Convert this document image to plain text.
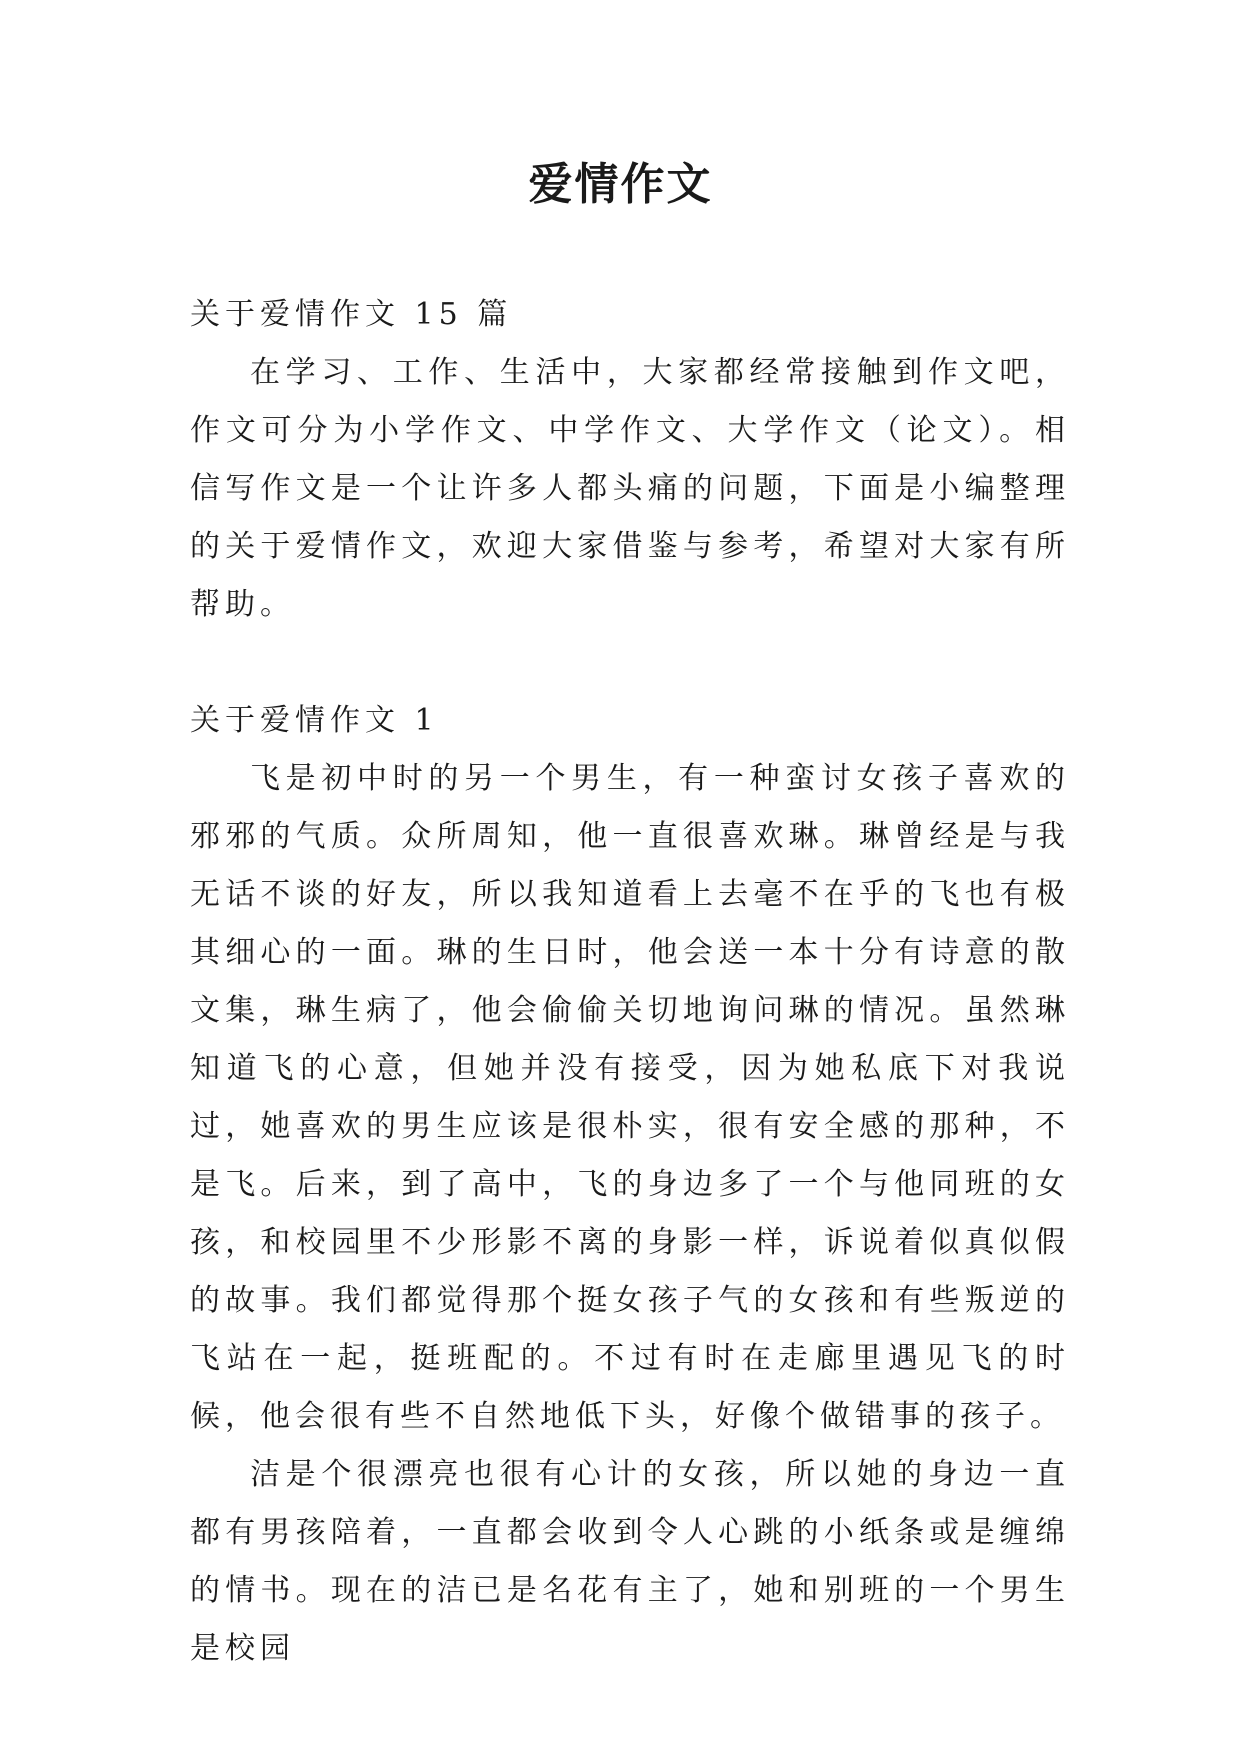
爱情作文

关于爱情作文 15 篇

在学习、工作、生活中，大家都经常接触到作文吧，作文可分为小学作文、中学作文、大学作文（论文）。相信写作文是一个让许多人都头痛的问题，下面是小编整理的关于爱情作文，欢迎大家借鉴与参考，希望对大家有所帮助。

关于爱情作文 1

飞是初中时的另一个男生，有一种蛮讨女孩子喜欢的邪邪的气质。众所周知，他一直很喜欢琳。琳曾经是与我无话不谈的好友，所以我知道看上去毫不在乎的飞也有极其细心的一面。琳的生日时，他会送一本十分有诗意的散文集，琳生病了，他会偷偷关切地询问琳的情况。虽然琳知道飞的心意，但她并没有接受，因为她私底下对我说过，她喜欢的男生应该是很朴实，很有安全感的那种，不是飞。后来，到了高中，飞的身边多了一个与他同班的女孩，和校园里不少形影不离的身影一样，诉说着似真似假的故事。我们都觉得那个挺女孩子气的女孩和有些叛逆的飞站在一起，挺班配的。不过有时在走廊里遇见飞的时候，他会很有些不自然地低下头，好像个做错事的孩子。

洁是个很漂亮也很有心计的女孩，所以她的身边一直都有男孩陪着，一直都会收到令人心跳的小纸条或是缠绵的情书。现在的洁已是名花有主了，她和别班的一个男生是校园
